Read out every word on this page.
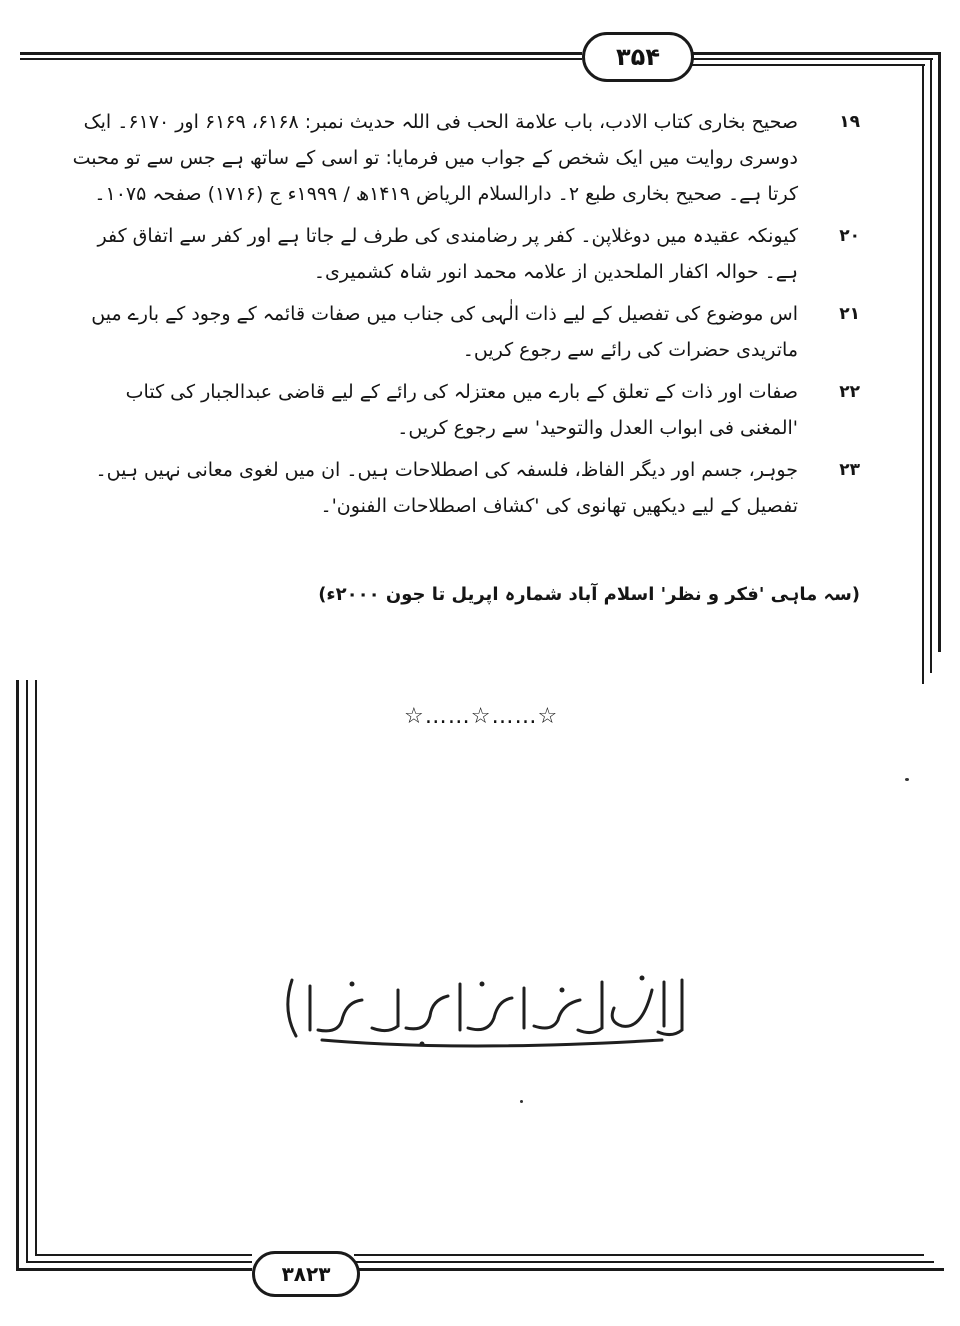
۳۵۴
۳۸۲۳
۱۹
صحیح بخاری کتاب الادب، باب علامة الحب فی اللہ حدیث نمبر: ۶۱۶۸، ۶۱۶۹ اور ۶۱۷۰۔ ایک دوسری روایت میں ایک شخص کے جواب میں فرمایا: تو اسی کے ساتھ ہے جس سے تو محبت کرتا ہے۔ صحیح بخاری طبع ۲۔ دارالسلام الریاض ۱۴۱۹ھ / ۱۹۹۹ء ج (۱۷۱۶) صفحہ ۱۰۷۵۔
۲۰
کیونکہ عقیدہ میں دوغلاپن۔ کفر پر رضامندی کی طرف لے جاتا ہے اور کفر سے اتفاق کفر ہے۔ حوالہ اکفار الملحدین از علامہ محمد انور شاہ کشمیری۔
۲۱
اس موضوع کی تفصیل کے لیے ذات الٰہی کی جناب میں صفات قائمہ کے وجود کے بارے میں ماتریدی حضرات کی رائے سے رجوع کریں۔
۲۲
صفات اور ذات کے تعلق کے بارے میں معتزلہ کی رائے کے لیے قاضی عبدالجبار کی کتاب 'المغنی فی ابواب العدل والتوحید' سے رجوع کریں۔
۲۳
جوہر، جسم اور دیگر الفاظ، فلسفہ کی اصطلاحات ہیں۔ ان میں لغوی معانی نہیں ہیں۔ تفصیل کے لیے دیکھیں تھانوی کی 'کشاف اصطلاحات الفنون'۔
(سہ ماہی 'فکر و نظر' اسلام آباد شمارہ اپریل تا جون ۲۰۰۰ء)
☆……☆……☆
